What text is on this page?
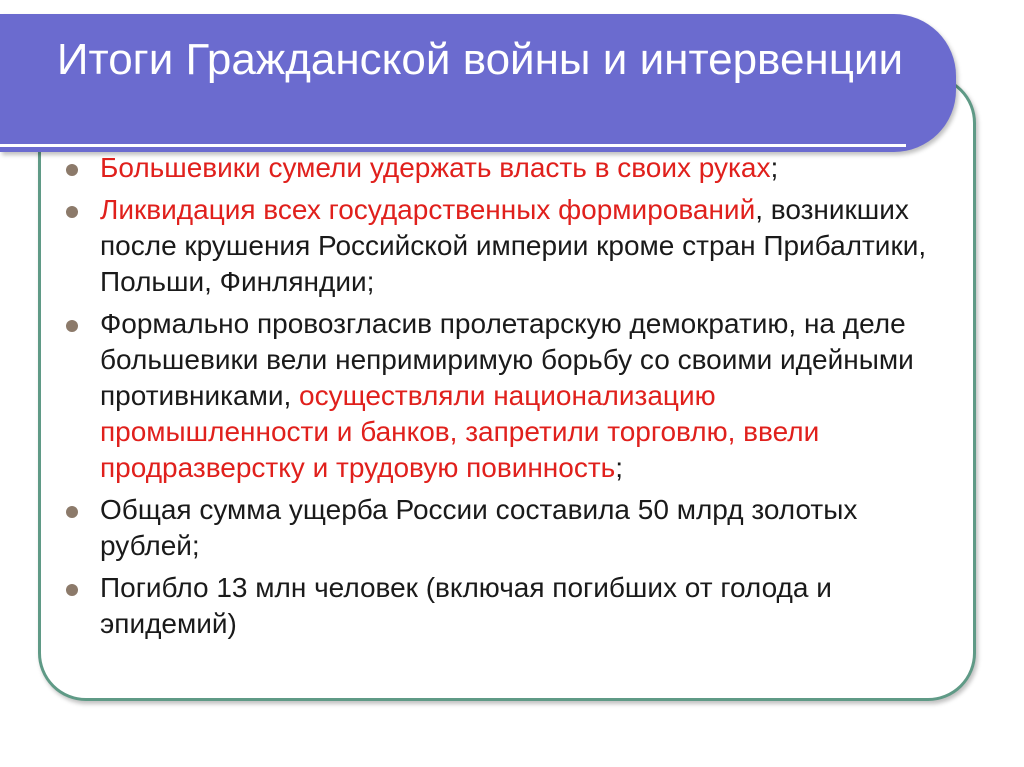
Итоги Гражданской войны и интервенции
Большевики сумели удержать власть в своих руках;
Ликвидация всех государственных формирований, возникших после крушения Российской империи кроме стран Прибалтики, Польши, Финляндии;
Формально провозгласив пролетарскую демократию, на деле большевики вели непримиримую борьбу со своими идейными противниками, осуществляли национализацию промышленности и банков, запретили торговлю, ввели продразверстку и трудовую повинность;
Общая сумма ущерба России составила 50 млрд золотых рублей;
Погибло 13 млн человек (включая погибших от голода и эпидемий)
